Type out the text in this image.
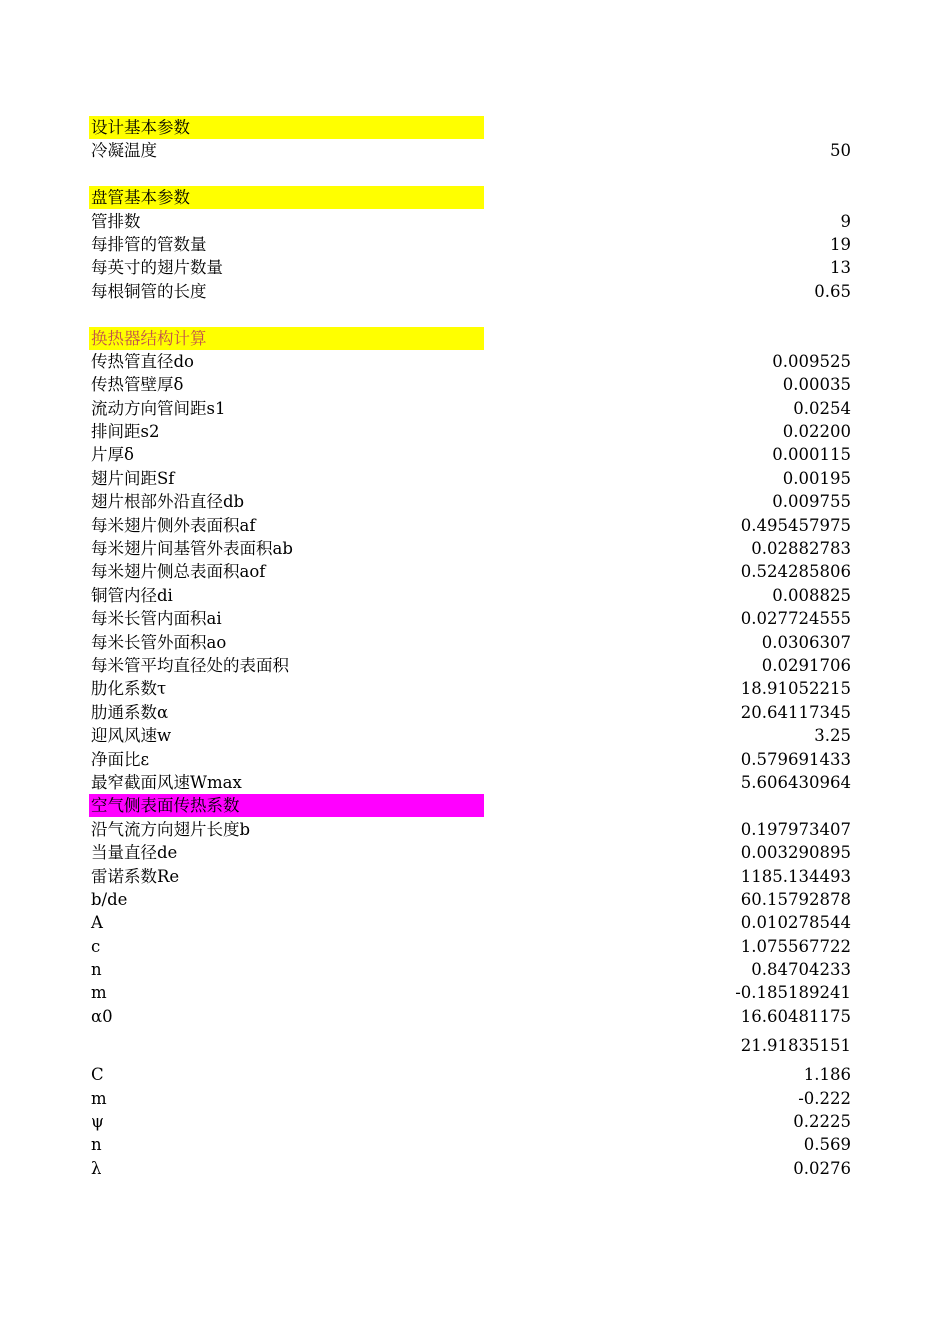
设计基本参数
冷凝温度	50
盘管基本参数
管排数	9
每排管的管数量	19
每英寸的翅片数量	13
每根铜管的长度	0.65
换热器结构计算
传热管直径do	0.009525
传热管壁厚δ	0.00035
流动方向管间距s1	0.0254
排间距s2	0.02200
片厚δ	0.000115
翅片间距Sf	0.00195
翅片根部外沿直径db	0.009755
每米翅片侧外表面积af	0.495457975
每米翅片间基管外表面积ab	0.02882783
每米翅片侧总表面积aof	0.524285806
铜管内径di	0.008825
每米长管内面积ai	0.027724555
每米长管外面积ao	0.0306307
每米管平均直径处的表面积	0.0291706
肋化系数τ	18.91052215
肋通系数α	20.64117345
迎风风速w	3.25
净面比ε	0.579691433
最窄截面风速Wmax	5.606430964
空气侧表面传热系数
沿气流方向翅片长度b	0.197973407
当量直径de	0.003290895
雷诺系数Re	1185.134493
b/de	60.15792878
A	0.010278544
c	1.075567722
n	0.84704233
m	-0.185189241
α0	16.60481175
21.91835151
C	1.186
m	-0.222
ψ	0.2225
n	0.569
λ	0.0276
